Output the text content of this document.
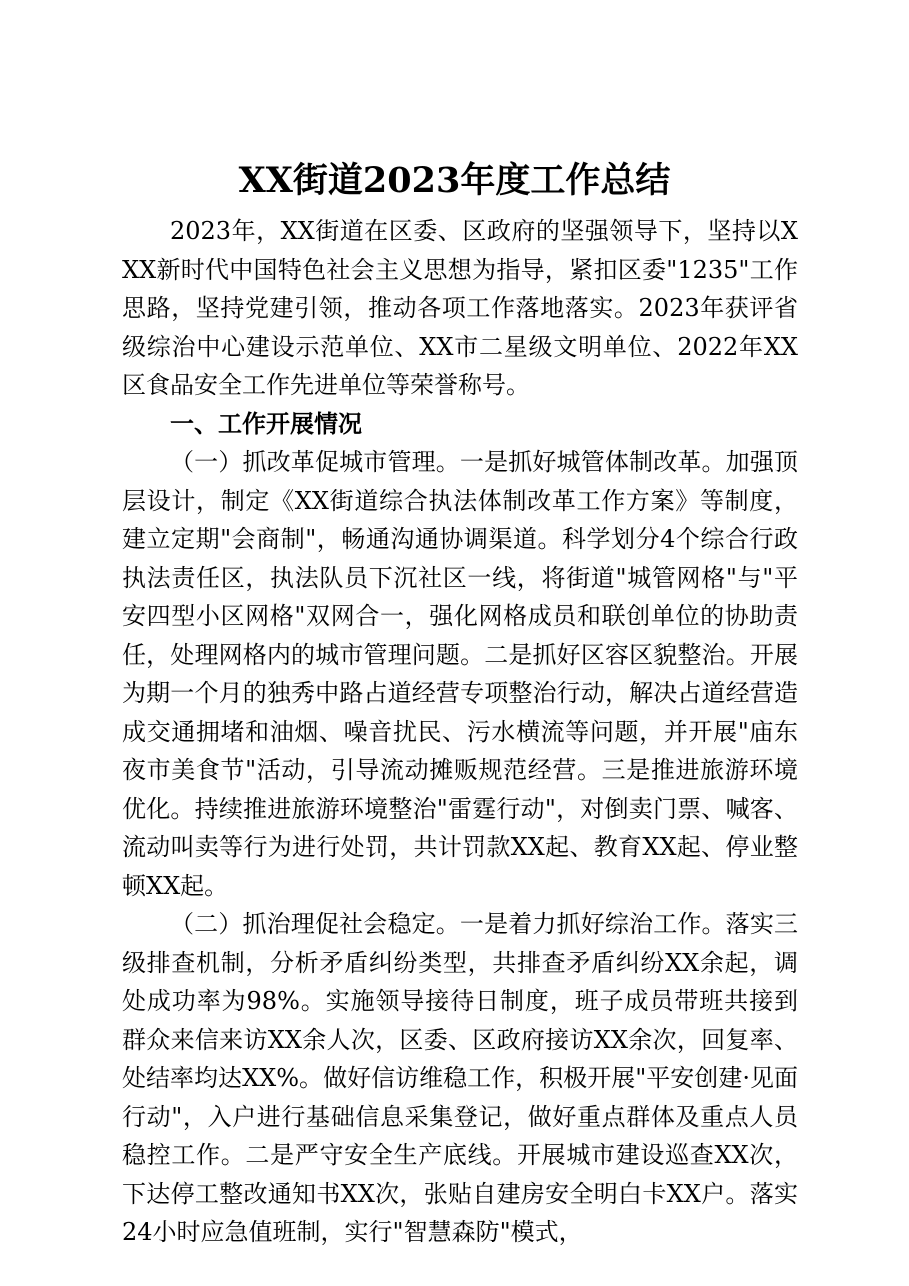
XX街道2023年度工作总结

2023年，XX街道在区委、区政府的坚强领导下，坚持以XXX新时代中国特色社会主义思想为指导，紧扣区委"1235"工作思路，坚持党建引领，推动各项工作落地落实。2023年获评省级综治中心建设示范单位、XX市二星级文明单位、2022年XX区食品安全工作先进单位等荣誉称号。

一、工作开展情况

（一）抓改革促城市管理。一是抓好城管体制改革。加强顶层设计，制定《XX街道综合执法体制改革工作方案》等制度，建立定期"会商制"，畅通沟通协调渠道。科学划分4个综合行政执法责任区，执法队员下沉社区一线，将街道"城管网格"与"平安四型小区网格"双网合一，强化网格成员和联创单位的协助责任，处理网格内的城市管理问题。二是抓好区容区貌整治。开展为期一个月的独秀中路占道经营专项整治行动，解决占道经营造成交通拥堵和油烟、噪音扰民、污水横流等问题，并开展"庙东夜市美食节"活动，引导流动摊贩规范经营。三是推进旅游环境优化。持续推进旅游环境整治"雷霆行动"，对倒卖门票、喊客、流动叫卖等行为进行处罚，共计罚款XX起、教育XX起、停业整顿XX起。

（二）抓治理促社会稳定。一是着力抓好综治工作。落实三级排查机制，分析矛盾纠纷类型，共排查矛盾纠纷XX余起，调处成功率为98%。实施领导接待日制度，班子成员带班共接到群众来信来访XX余人次，区委、区政府接访XX余次，回复率、处结率均达XX%。做好信访维稳工作，积极开展"平安创建·见面行动"，入户进行基础信息采集登记，做好重点群体及重点人员稳控工作。二是严守安全生产底线。开展城市建设巡查XX次，下达停工整改通知书XX次，张贴自建房安全明白卡XX户。落实24小时应急值班制，实行"智慧森防"模式，
